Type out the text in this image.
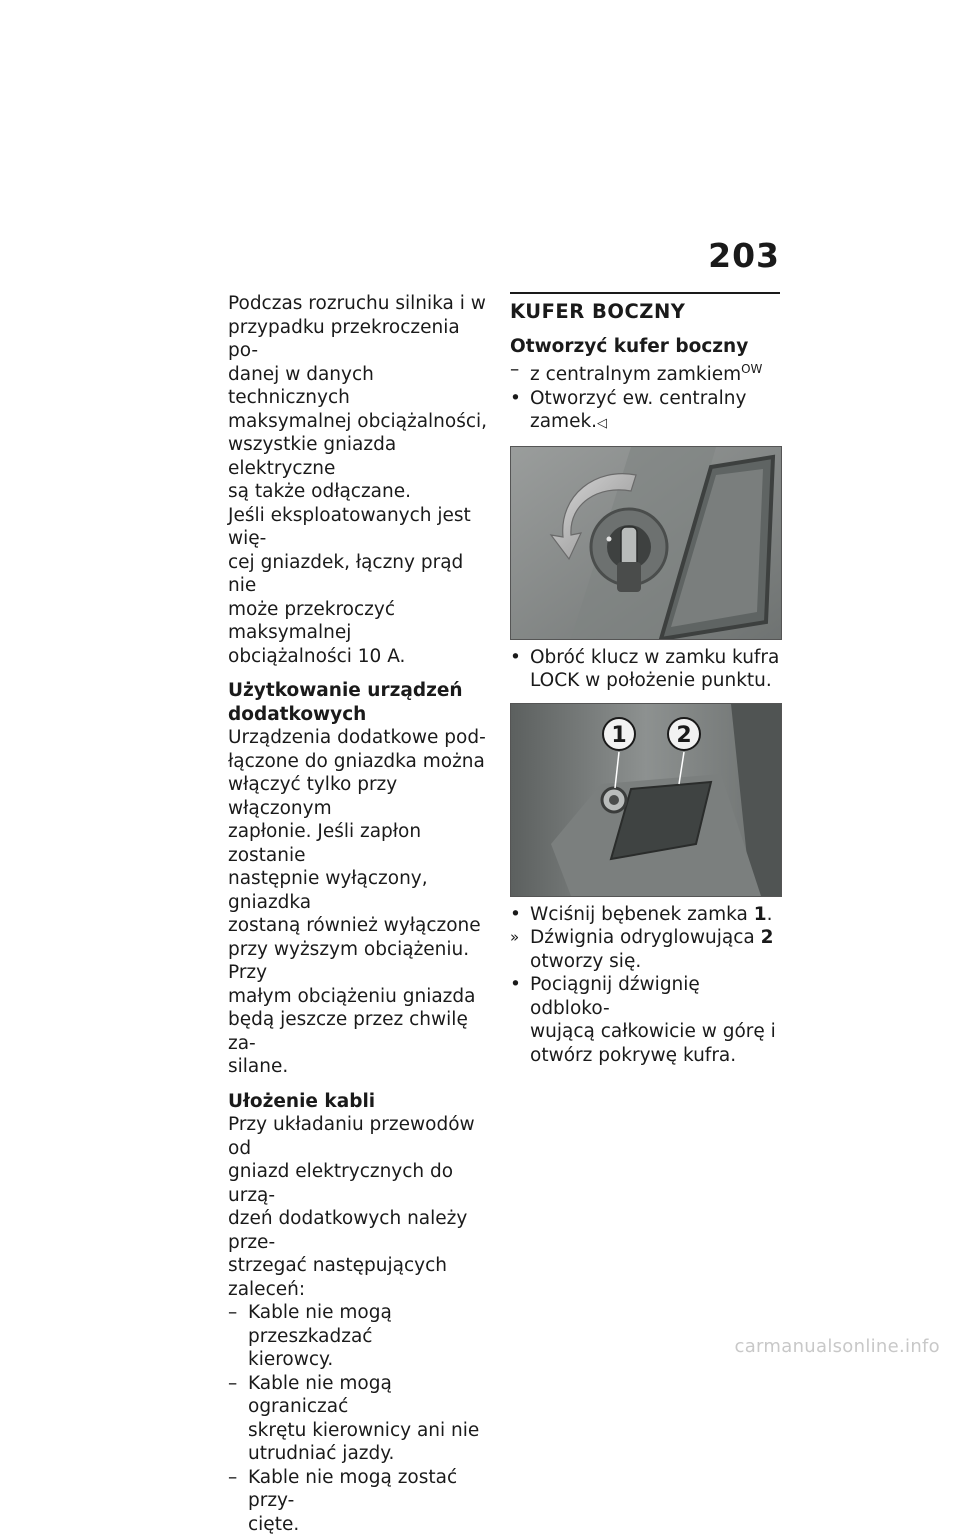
203

Podczas rozruchu silnika i w
przypadku przekroczenia po-
danej w danych technicznych
maksymalnej obciążalności,
wszystkie gniazda elektryczne
są także odłączane.

Jeśli eksploatowanych jest wię-
cej gniazdek, łączny prąd nie
może przekroczyć maksymalnej
obciążalności 10 A.

Użytkowanie urządzeń
dodatkowych

Urządzenia dodatkowe pod-
łączone do gniazdka można
włączyć tylko przy włączonym
zapłonie. Jeśli zapłon zostanie
następnie wyłączony, gniazdka
zostaną również wyłączone
przy wyższym obciążeniu. Przy
małym obciążeniu gniazda
będą jeszcze przez chwilę za-
silane.

Ułożenie kabli

Przy układaniu przewodów od
gniazd elektrycznych do urzą-
dzeń dodatkowych należy prze-
strzegać następujących zaleceń:

– Kable nie mogą przeszkadzać
kierowcy.

– Kable nie mogą ograniczać
skrętu kierownicy ani nie
utrudniać jazdy.

– Kable nie mogą zostać przy-
cięte.

KUFER BOCZNY

Otworzyć kufer boczny

– z centralnym zamkiem$^{OW}$

• Otworzyć ew. centralny
zamek.◁

• Obróć klucz w zamku kufra
LOCK w położenie punktu.

1 2

• Wciśnij bębenek zamka 1.

» Dźwignia odryglowująca 2
otworzy się.

• Pociągnij dźwignię odbloko-
wującą całkowicie w górę i
otwórz pokrywę kufra.

carmanualsonline.info
